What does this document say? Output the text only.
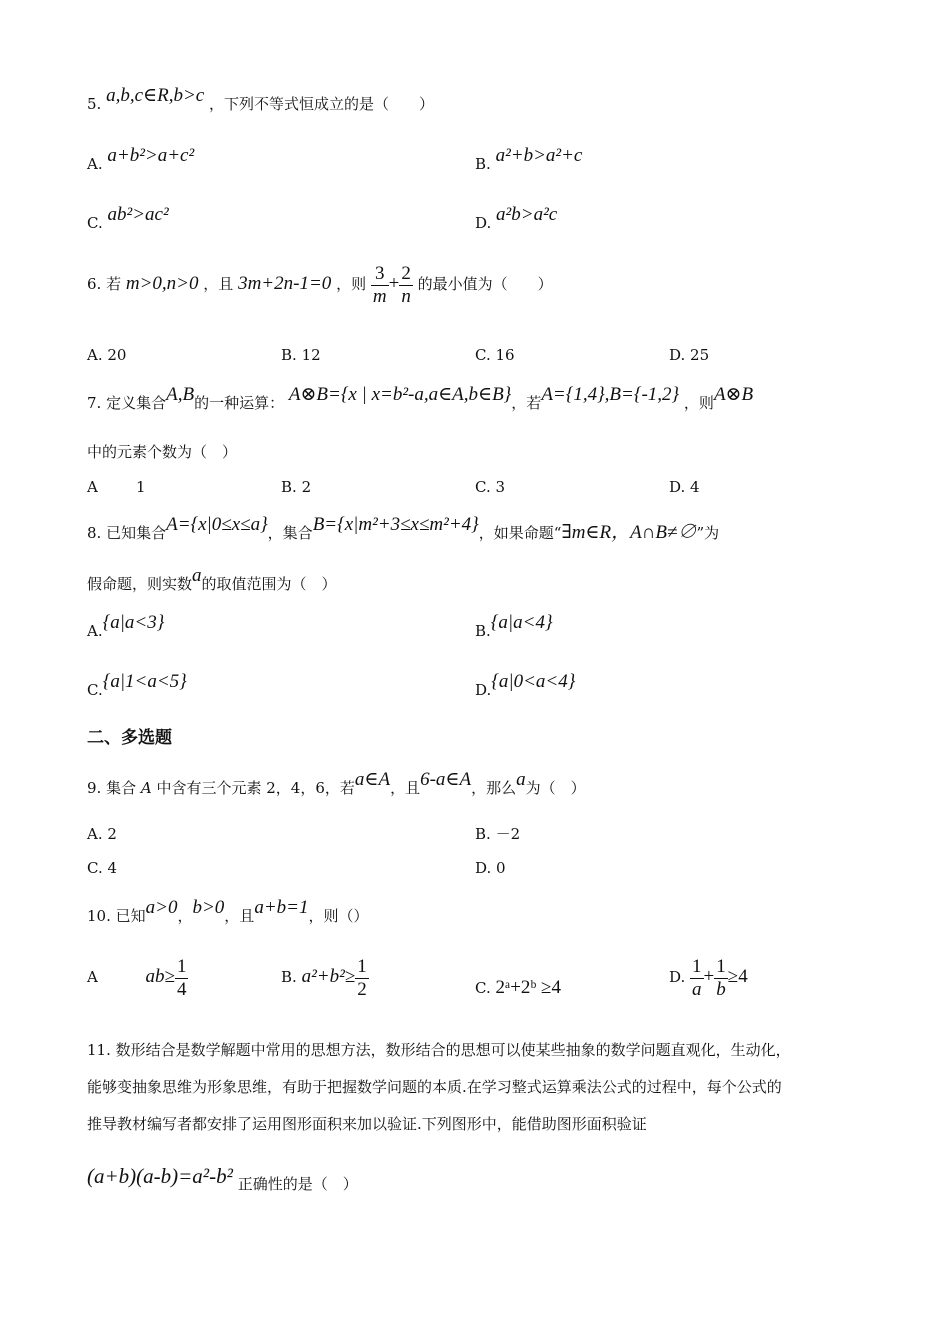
5. a,b,c∈R,b>c ，下列不等式恒成立的是（　　）
A. a+b²>a+c²	B. a²+b>a²+c
C. ab²>ac²	D. a²b>a²c
6. 若 m>0,n>0 ，且 3m+2n-1=0 ，则 $\frac{3}{m} + \frac{2}{n}$ 的最小值为（　　）
A. 20	B. 12	C. 16	D. 25
7. 定义集合A,B的一种运算： A⊗B={x | x=b²-a,a∈A,b∈B}，若A={1,4},B={-1,2} ，则A⊗B
中的元素个数为（　）
A	1	B. 2	C. 3	D. 4
8. 已知集合A={x|0≤x≤a}，集合B={x|m²+3≤x≤m²+4}，如果命题“∃m∈R，A∩B≠∅”为
假命题，则实数a的取值范围为（　）
A.{a|a<3}	B.{a|a<4}
C.{a|1<a<5}	D.{a|0<a<4}
二、多选题
9. 集合 A 中含有三个元素 2，4，6，若a∈A，且6-a∈A，那么a为（　）
A. 2	B. －2
C. 4	D. 0
10. 已知a>0，b>0，且a+b=1，则（）
A	$ab\ge \frac{1}{4}$	B. $a^2+b^2\ge \frac{1}{2}$	C. 2ᵃ+2ᵇ ≥4	D. $\frac{1}{a} + \frac{1}{b} \ge 4$
11. 数形结合是数学解题中常用的思想方法，数形结合的思想可以使某些抽象的数学问题直观化，生动化，
能够变抽象思维为形象思维，有助于把握数学问题的本质.在学习整式运算乘法公式的过程中，每个公式的
推导教材编写者都安排了运用图形面积来加以验证.下列图形中，能借助图形面积验证
(a+b)(a-b)=a²-b² 正确性的是（　）
